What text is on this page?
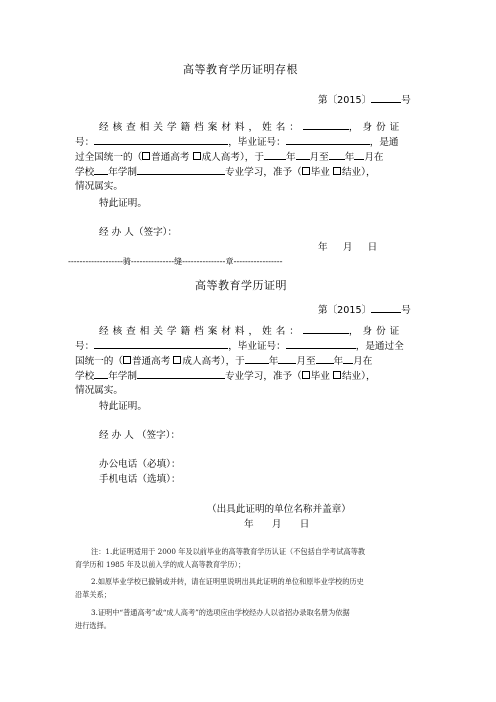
高等教育学历证明存根
第〔2015〕	号
经核查相关学籍档案材料，姓名：	，身份证
号：	，毕业证号：	，是通
过全国统一的（ 普通高考 成人高考），于 年 月至 年 月在
学校 年学制	专业学习，准予（ 毕业 结业），
情况属实。
特此证明。
经 办 人（签字）：
年     月     日
-------------------骑---------------缝---------------章-----------------
高等教育学历证明
第〔2015〕	号
经核查相关学籍档案材料，姓名：	，身份证
号：	，毕业证号：	，是通过全
国统一的（ 普通高考 成人高考），于	年 月至 年 月在
学校 年学制	专业学习，准予（ 毕业 结业），
情况属实。
特此证明。
经 办 人 （签字）：
办公电话（必填）：
手机电话（选填）：
（出具此证明的单位名称并盖章）
年      月      日
注：1.此证明适用于 2000 年及以前毕业的高等教育学历认证（不包括自学考试高等教
育学历和 1985 年及以前入学的成人高等教育学历）；
2.如原毕业学校已撤销或并转，请在证明里说明出具此证明的单位和原毕业学校的历史
沿革关系；
3.证明中“普通高考”或“成人高考”的选项应由学校经办人以省招办录取名册为依据
进行选择。
